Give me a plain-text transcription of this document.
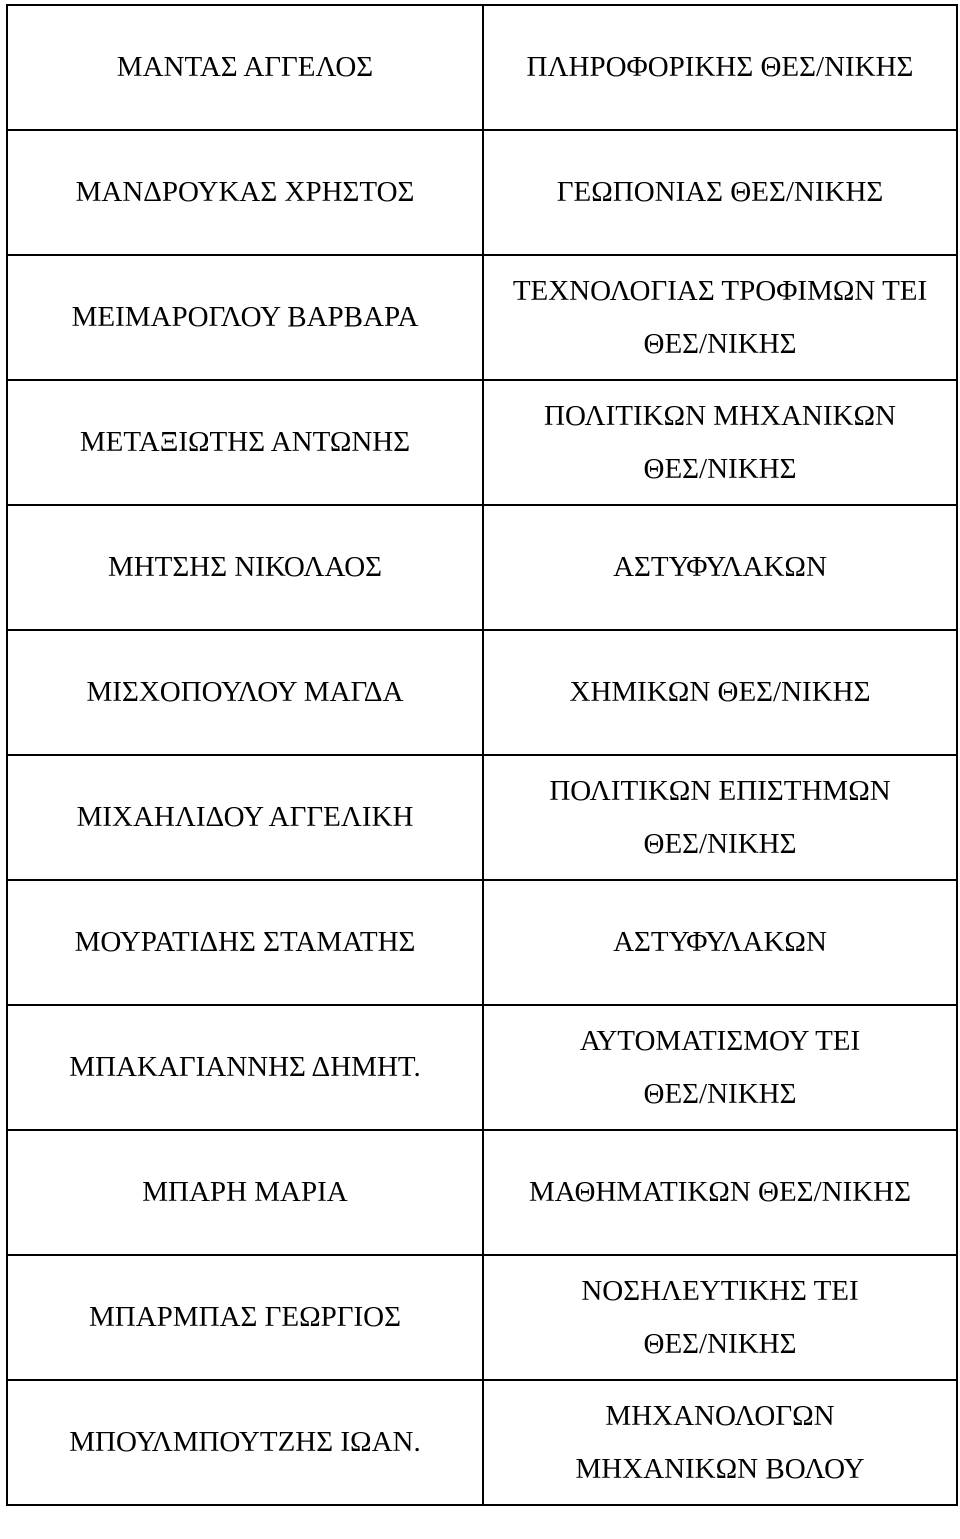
ΜΑΝΤΑΣ ΑΓΓΕΛΟΣ	ΠΛΗΡΟΦΟΡΙΚΗΣ ΘΕΣ/ΝΙΚΗΣ
ΜΑΝΔΡΟΥΚΑΣ ΧΡΗΣΤΟΣ	ΓΕΩΠΟΝΙΑΣ ΘΕΣ/ΝΙΚΗΣ
ΜΕΙΜΑΡΟΓΛΟΥ ΒΑΡΒΑΡΑ	ΤΕΧΝΟΛΟΓΙΑΣ ΤΡΟΦΙΜΩΝ ΤΕΙ
ΘΕΣ/ΝΙΚΗΣ
ΜΕΤΑΞΙΩΤΗΣ ΑΝΤΩΝΗΣ	ΠΟΛΙΤΙΚΩΝ ΜΗΧΑΝΙΚΩΝ
ΘΕΣ/ΝΙΚΗΣ
ΜΗΤΣΗΣ ΝΙΚΟΛΑΟΣ	ΑΣΤΥΦΥΛΑΚΩΝ
ΜΙΣΧΟΠΟΥΛΟΥ ΜΑΓΔΑ	ΧΗΜΙΚΩΝ ΘΕΣ/ΝΙΚΗΣ
ΜΙΧΑΗΛΙΔΟΥ ΑΓΓΕΛΙΚΗ	ΠΟΛΙΤΙΚΩΝ ΕΠΙΣΤΗΜΩΝ
ΘΕΣ/ΝΙΚΗΣ
ΜΟΥΡΑΤΙΔΗΣ ΣΤΑΜΑΤΗΣ	ΑΣΤΥΦΥΛΑΚΩΝ
ΜΠΑΚΑΓΙΑΝΝΗΣ ΔΗΜΗΤ.	ΑΥΤΟΜΑΤΙΣΜΟΥ ΤΕΙ
ΘΕΣ/ΝΙΚΗΣ
ΜΠΑΡΗ ΜΑΡΙΑ	ΜΑΘΗΜΑΤΙΚΩΝ ΘΕΣ/ΝΙΚΗΣ
ΜΠΑΡΜΠΑΣ ΓΕΩΡΓΙΟΣ	ΝΟΣΗΛΕΥΤΙΚΗΣ ΤΕΙ
ΘΕΣ/ΝΙΚΗΣ
ΜΠΟΥΛΜΠΟΥΤΖΗΣ ΙΩΑΝ.	ΜΗΧΑΝΟΛΟΓΩΝ
ΜΗΧΑΝΙΚΩΝ ΒΟΛΟΥ
